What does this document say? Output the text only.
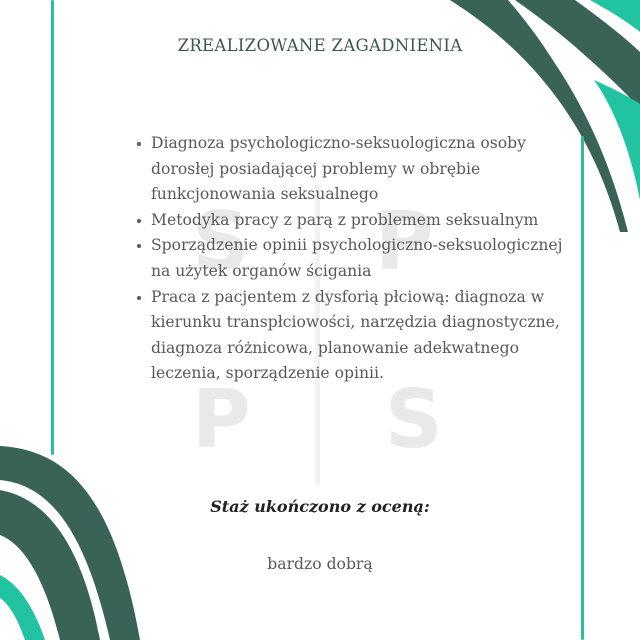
S P
P S
ZREALIZOWANE ZAGADNIENIA
Diagnoza psychologiczno-seksuologiczna osoby dorosłej posiadającej problemy w obrębie funkcjonowania seksualnego
Metodyka pracy z parą z problemem seksualnym
Sporządzenie opinii psychologiczno-seksuologicznej na użytek organów ścigania
Praca z pacjentem z dysforią płciową: diagnoza w kierunku transpłciowości, narzędzia diagnostyczne, diagnoza różnicowa, planowanie adekwatnego leczenia, sporządzenie opinii.
Staż ukończono z oceną:
bardzo dobrą
